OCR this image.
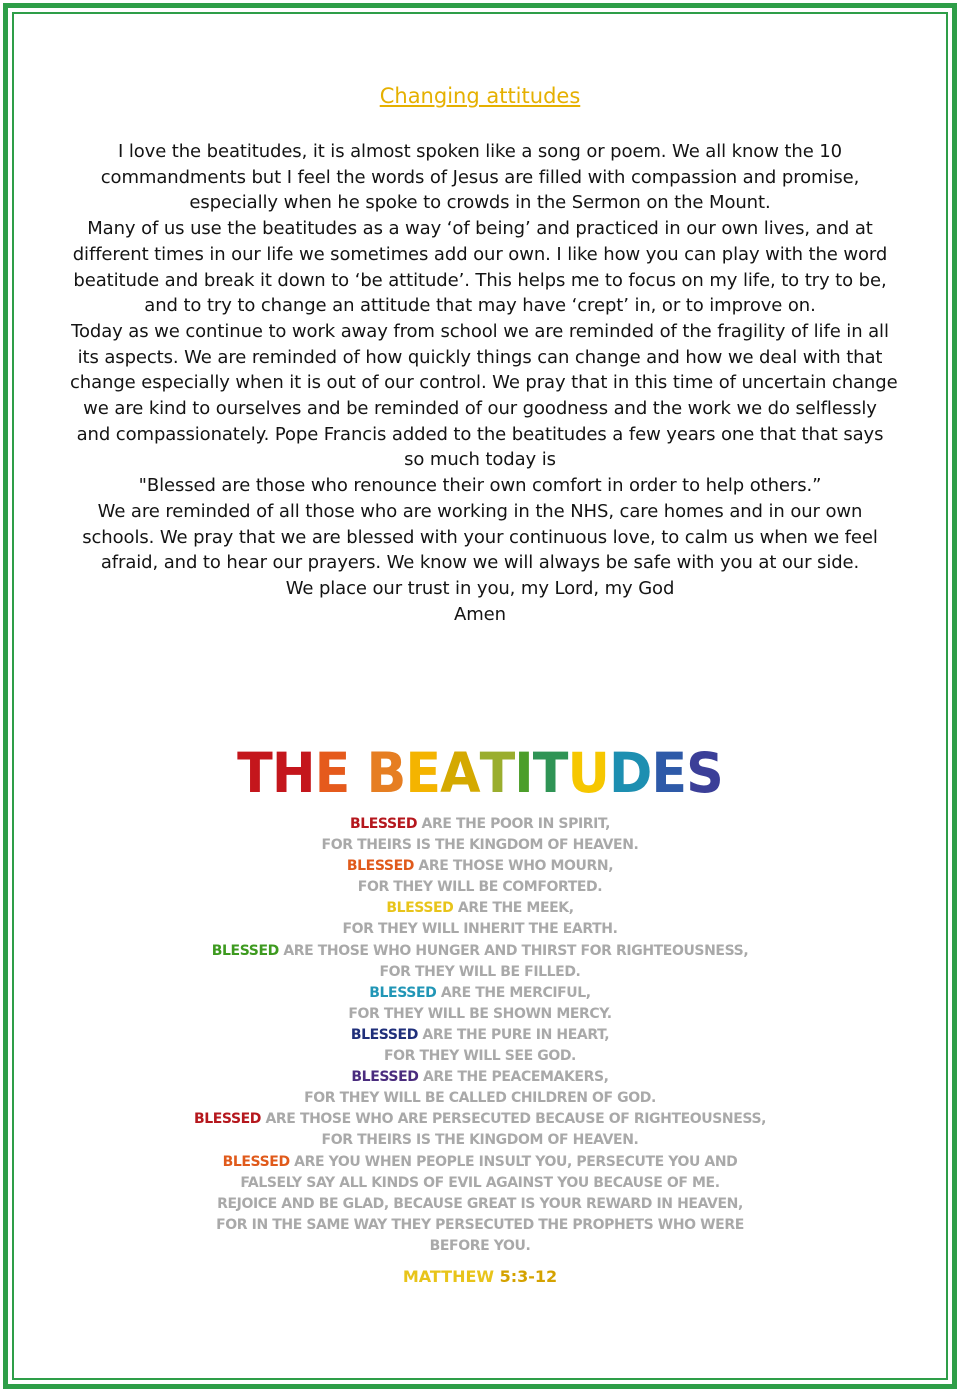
Changing attitudes
I love the beatitudes, it is almost spoken like a song or poem. We all know the 10
commandments but I feel the words of Jesus are filled with compassion and promise,
especially when he spoke to crowds in the Sermon on the Mount.
Many of us use the beatitudes as a way ‘of being’ and practiced in our own lives, and at
different times in our life we sometimes add our own. I like how you can play with the word
beatitude and break it down to ‘be attitude’. This helps me to focus on my life, to try to be,
and to try to change an attitude that may have ‘crept’ in, or to improve on.
Today as we continue to work away from school we are reminded of the fragility of life in all
its aspects. We are reminded of how quickly things can change and how we deal with that
change especially when it is out of our control. We pray that in this time of uncertain change
we are kind to ourselves and be reminded of our goodness and the work we do selflessly
and compassionately. Pope Francis added to the beatitudes a few years one that that says
so much today is
"Blessed are those who renounce their own comfort in order to help others.”
We are reminded of all those who are working in the NHS, care homes and in our own
schools. We pray that we are blessed with your continuous love, to calm us when we feel
afraid, and to hear our prayers. We know we will always be safe with you at our side.
We place our trust in you, my Lord, my God
Amen
THE BEATITUDES
BLESSED ARE THE POOR IN SPIRIT,
FOR THEIRS IS THE KINGDOM OF HEAVEN.
BLESSED ARE THOSE WHO MOURN,
FOR THEY WILL BE COMFORTED.
BLESSED ARE THE MEEK,
FOR THEY WILL INHERIT THE EARTH.
BLESSED ARE THOSE WHO HUNGER AND THIRST FOR RIGHTEOUSNESS,
FOR THEY WILL BE FILLED.
BLESSED ARE THE MERCIFUL,
FOR THEY WILL BE SHOWN MERCY.
BLESSED ARE THE PURE IN HEART,
FOR THEY WILL SEE GOD.
BLESSED ARE THE PEACEMAKERS,
FOR THEY WILL BE CALLED CHILDREN OF GOD.
BLESSED ARE THOSE WHO ARE PERSECUTED BECAUSE OF RIGHTEOUSNESS,
FOR THEIRS IS THE KINGDOM OF HEAVEN.
BLESSED ARE YOU WHEN PEOPLE INSULT YOU, PERSECUTE YOU AND
FALSELY SAY ALL KINDS OF EVIL AGAINST YOU BECAUSE OF ME.
REJOICE AND BE GLAD, BECAUSE GREAT IS YOUR REWARD IN HEAVEN,
FOR IN THE SAME WAY THEY PERSECUTED THE PROPHETS WHO WERE
BEFORE YOU.
MATTHEW 5:3-12
